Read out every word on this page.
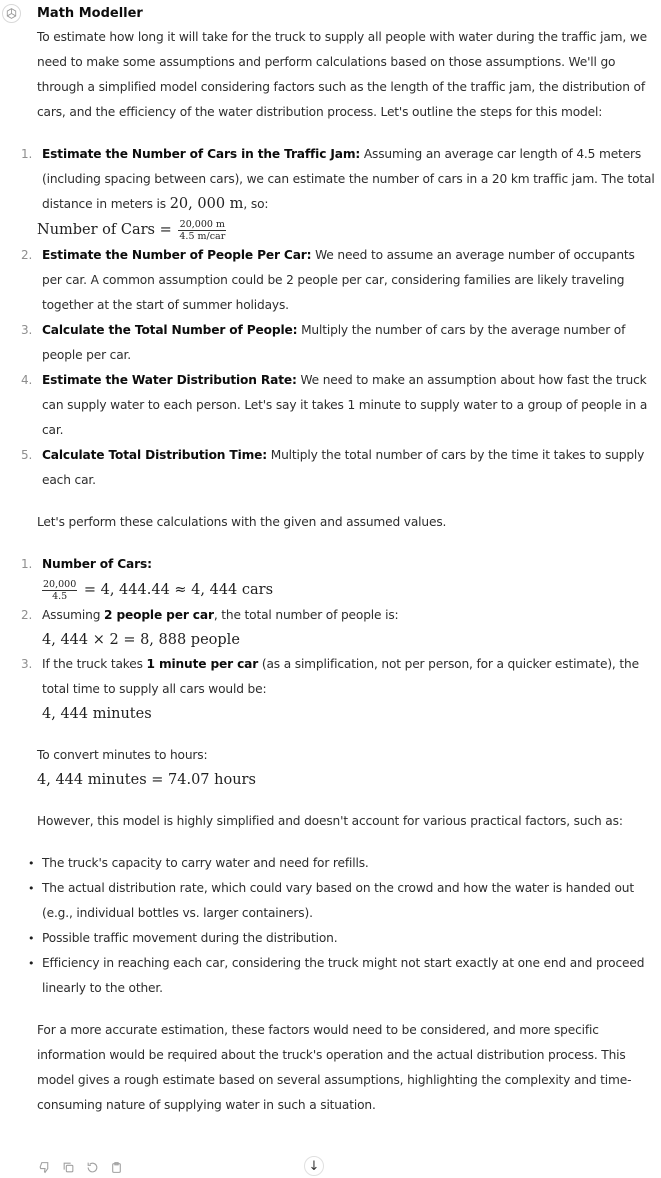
Math Modeller

To estimate how long it will take for the truck to supply all people with water during the traffic jam, we need to make some assumptions and perform calculations based on those assumptions. We'll go through a simplified model considering factors such as the length of the traffic jam, the distribution of cars, and the efficiency of the water distribution process. Let's outline the steps for this model:

1. Estimate the Number of Cars in the Traffic Jam: Assuming an average car length of 4.5 meters (including spacing between cars), we can estimate the number of cars in a 20 km traffic jam. The total distance in meters is 20, 000 m, so:
Number of Cars = $\frac{20,000 m}{\text{4.5 m/car}}$
2. Estimate the Number of People Per Car: We need to assume an average number of occupants per car. A common assumption could be 2 people per car, considering families are likely traveling together at the start of summer holidays.
3. Calculate the Total Number of People: Multiply the number of cars by the average number of people per car.
4. Estimate the Water Distribution Rate: We need to make an assumption about how fast the truck can supply water to each person. Let's say it takes 1 minute to supply water to a group of people in a car.
5. Calculate Total Distribution Time: Multiply the total number of cars by the time it takes to supply each car.

Let's perform these calculations with the given and assumed values.

1. Number of Cars:
$\frac{20,000}{4.5} = 4$, 444.44 ≈ 4, 444 cars
2. Assuming 2 people per car, the total number of people is:
4, 444 × 2 = 8, 888 people
3. If the truck takes 1 minute per car (as a simplification, not per person, for a quicker estimate), the total time to supply all cars would be:
4, 444 minutes

To convert minutes to hours:

4, 444 minutes = 74.07 hours

However, this model is highly simplified and doesn't account for various practical factors, such as:

• The truck's capacity to carry water and need for refills.
• The actual distribution rate, which could vary based on the crowd and how the water is handed out (e.g., individual bottles vs. larger containers).
• Possible traffic movement during the distribution.
• Efficiency in reaching each car, considering the truck might not start exactly at one end and proceed linearly to the other.

For a more accurate estimation, these factors would need to be considered, and more specific information would be required about the truck's operation and the actual distribution process. This model gives a rough estimate based on several assumptions, highlighting the complexity and time-consuming nature of supplying water in such a situation.

↓
